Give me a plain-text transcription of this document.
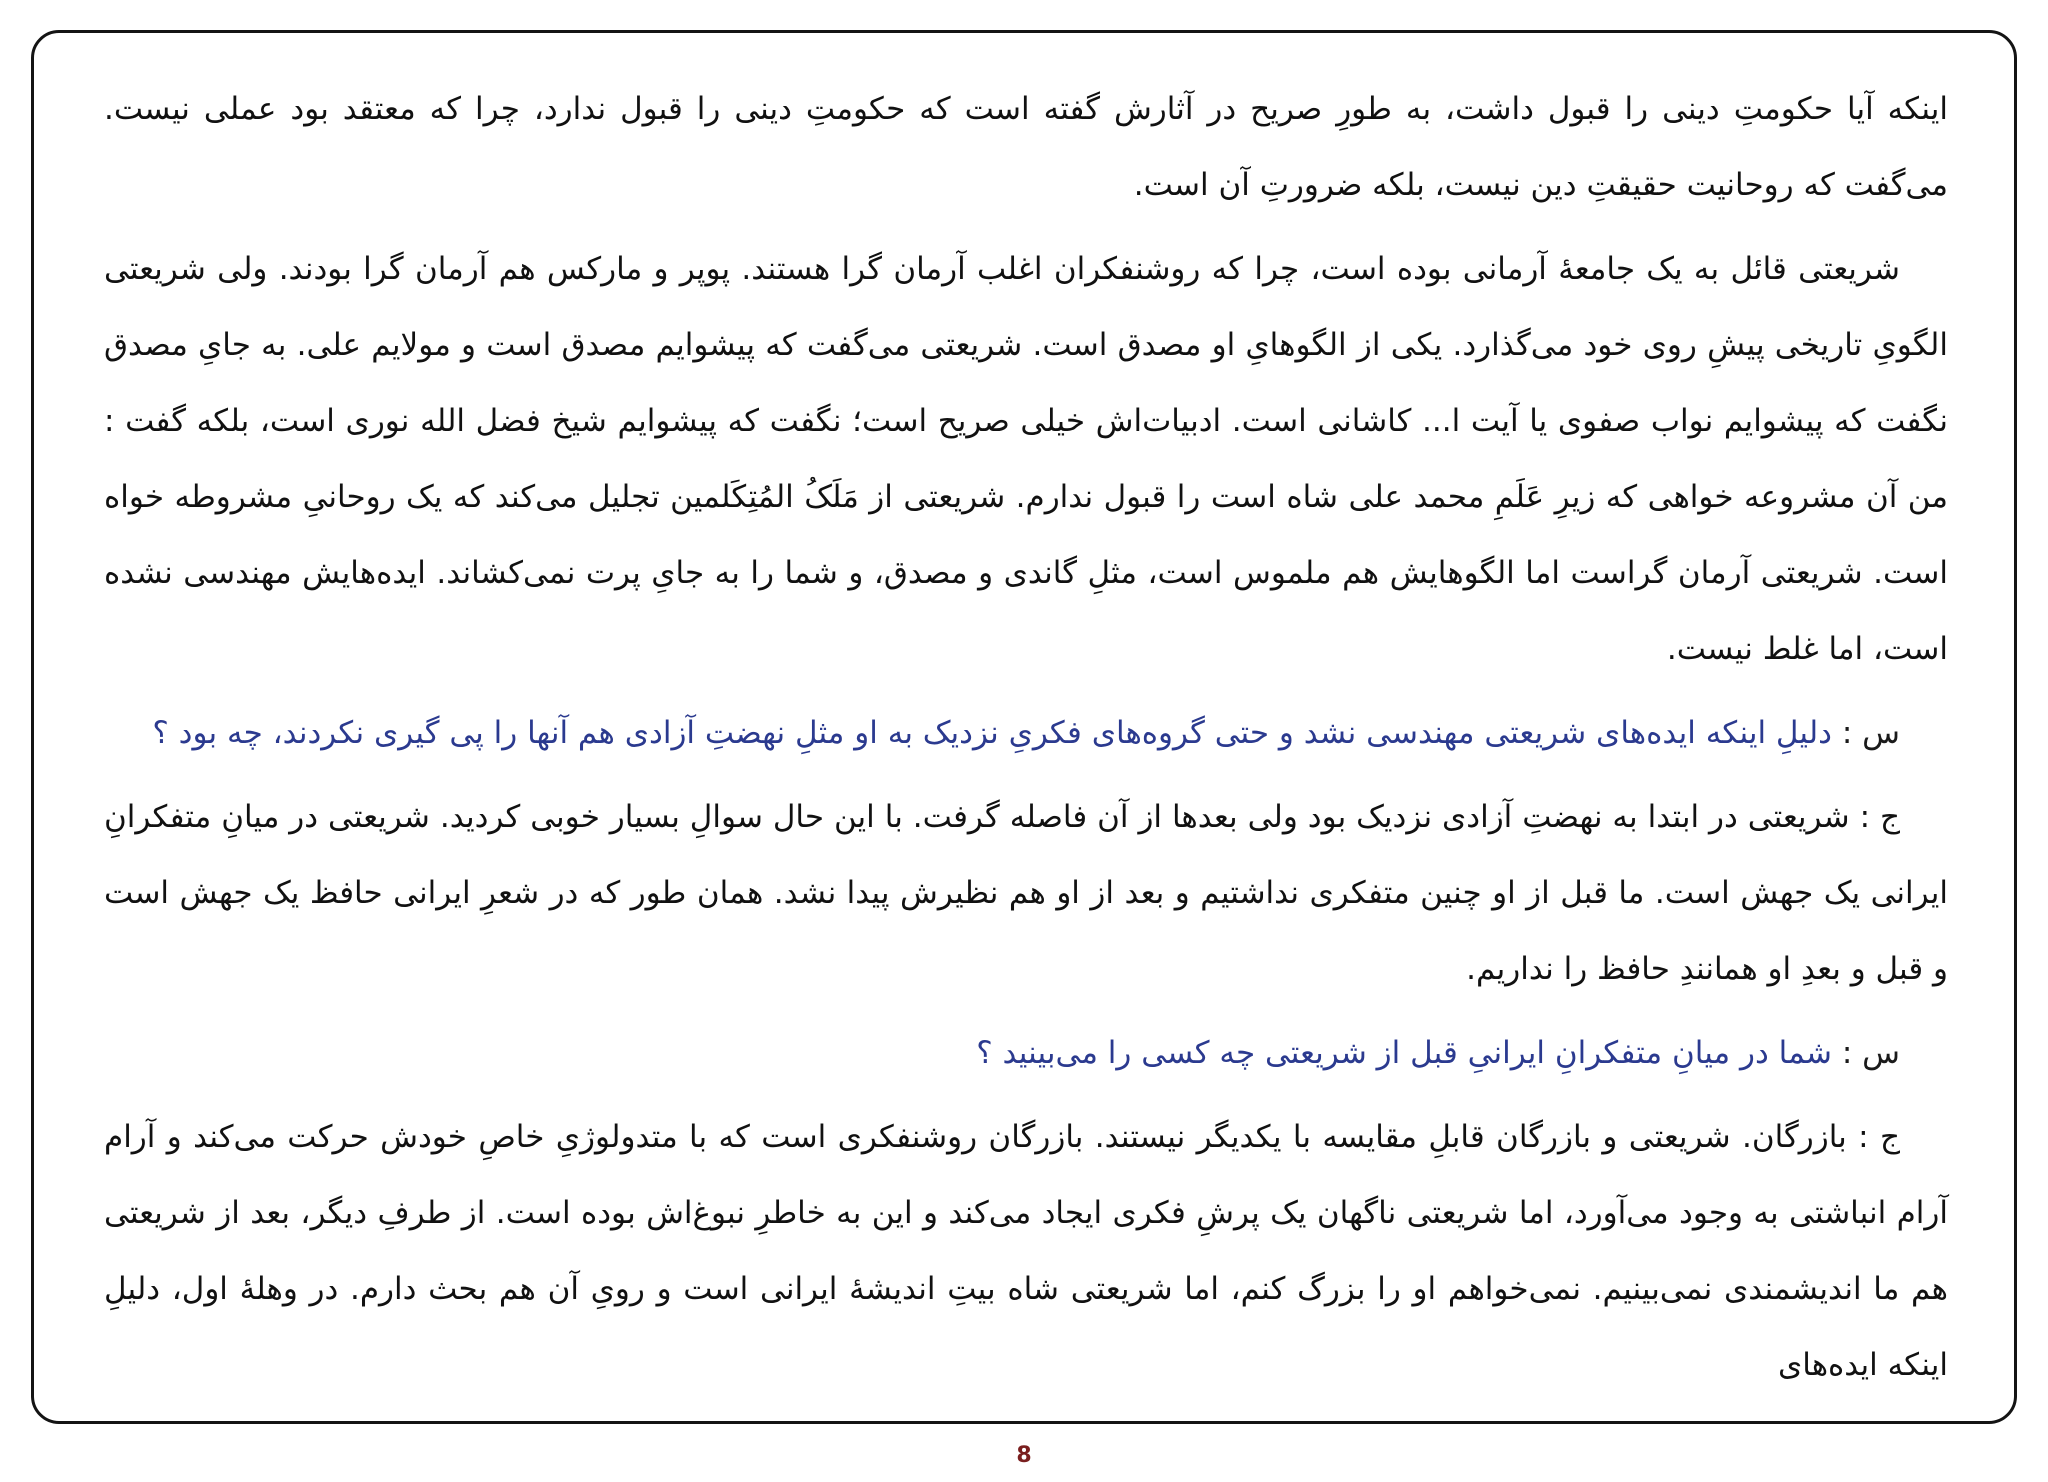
اینکه آیا حکومتِ دینی را قبول داشت، به طورِ صریح در آثارش گفته است که حکومتِ دینی را قبول ندارد، چرا که معتقد بود عملی نیست. می‌گفت که روحانیت حقیقتِ دین نیست، بلکه ضرورتِ آن است.

شریعتی قائل به یک جامعهٔ آرمانی بوده است، چرا که روشنفکران اغلب آرمان گرا هستند. پوپر و مارکس هم آرمان گرا بودند. ولی شریعتی الگویِ تاریخی پیشِ روی خود می‌گذارد. یکی از الگوهایِ او مصدق است. شریعتی می‌گفت که پیشوایم مصدق است و مولایم علی. به جایِ مصدق نگفت که پیشوایم نواب صفوی یا آیت ا... کاشانی است. ادبیات‌اش خیلی صریح است؛ نگفت که پیشوایم شیخ فضل الله نوری است، بلکه گفت : من آن مشروعه خواهی که زیرِ عَلَمِ محمد علی شاه است را قبول ندارم. شریعتی از مَلَکُ المُتِکَلمین تجلیل می‌کند که یک روحانیِ مشروطه خواه است. شریعتی آرمان گراست اما الگوهایش هم ملموس است، مثلِ گاندی و مصدق، و شما را به جایِ پرت نمی‌کشاند. ایده‌هایش مهندسی نشده است، اما غلط نیست.

س : دلیلِ اینکه ایده‌های شریعتی مهندسی نشد و حتی گروه‌های فکریِ نزدیک به او مثلِ نهضتِ آزادی هم آنها را پی گیری نکردند، چه بود ؟

ج : شریعتی در ابتدا به نهضتِ آزادی نزدیک بود ولی بعدها از آن فاصله گرفت. با این حال سوالِ بسیار خوبی کردید. شریعتی در میانِ متفکرانِ ایرانی یک جهش است. ما قبل از او چنین متفکری نداشتیم و بعد از او هم نظیرش پیدا نشد. همان طور که در شعرِ ایرانی حافظ یک جهش است و قبل و بعدِ او همانندِ حافظ را نداریم.

س : شما در میانِ متفکرانِ ایرانیِ قبل از شریعتی چه کسی را می‌بینید ؟

ج : بازرگان. شریعتی و بازرگان قابلِ مقایسه با یکدیگر نیستند. بازرگان روشنفکری است که با متدولوژیِ خاصِ خودش حرکت می‌کند و آرام آرام انباشتی به وجود می‌آورد، اما شریعتی ناگهان یک پرشِ فکری ایجاد می‌کند و این به خاطرِ نبوغ‌اش بوده است. از طرفِ دیگر، بعد از شریعتی هم ما اندیشمندی نمی‌بینیم. نمی‌خواهم او را بزرگ کنم، اما شریعتی شاه بیتِ اندیشهٔ ایرانی است و رویِ آن هم بحث دارم. در وهلهٔ اول، دلیلِ اینکه ایده‌های

8
